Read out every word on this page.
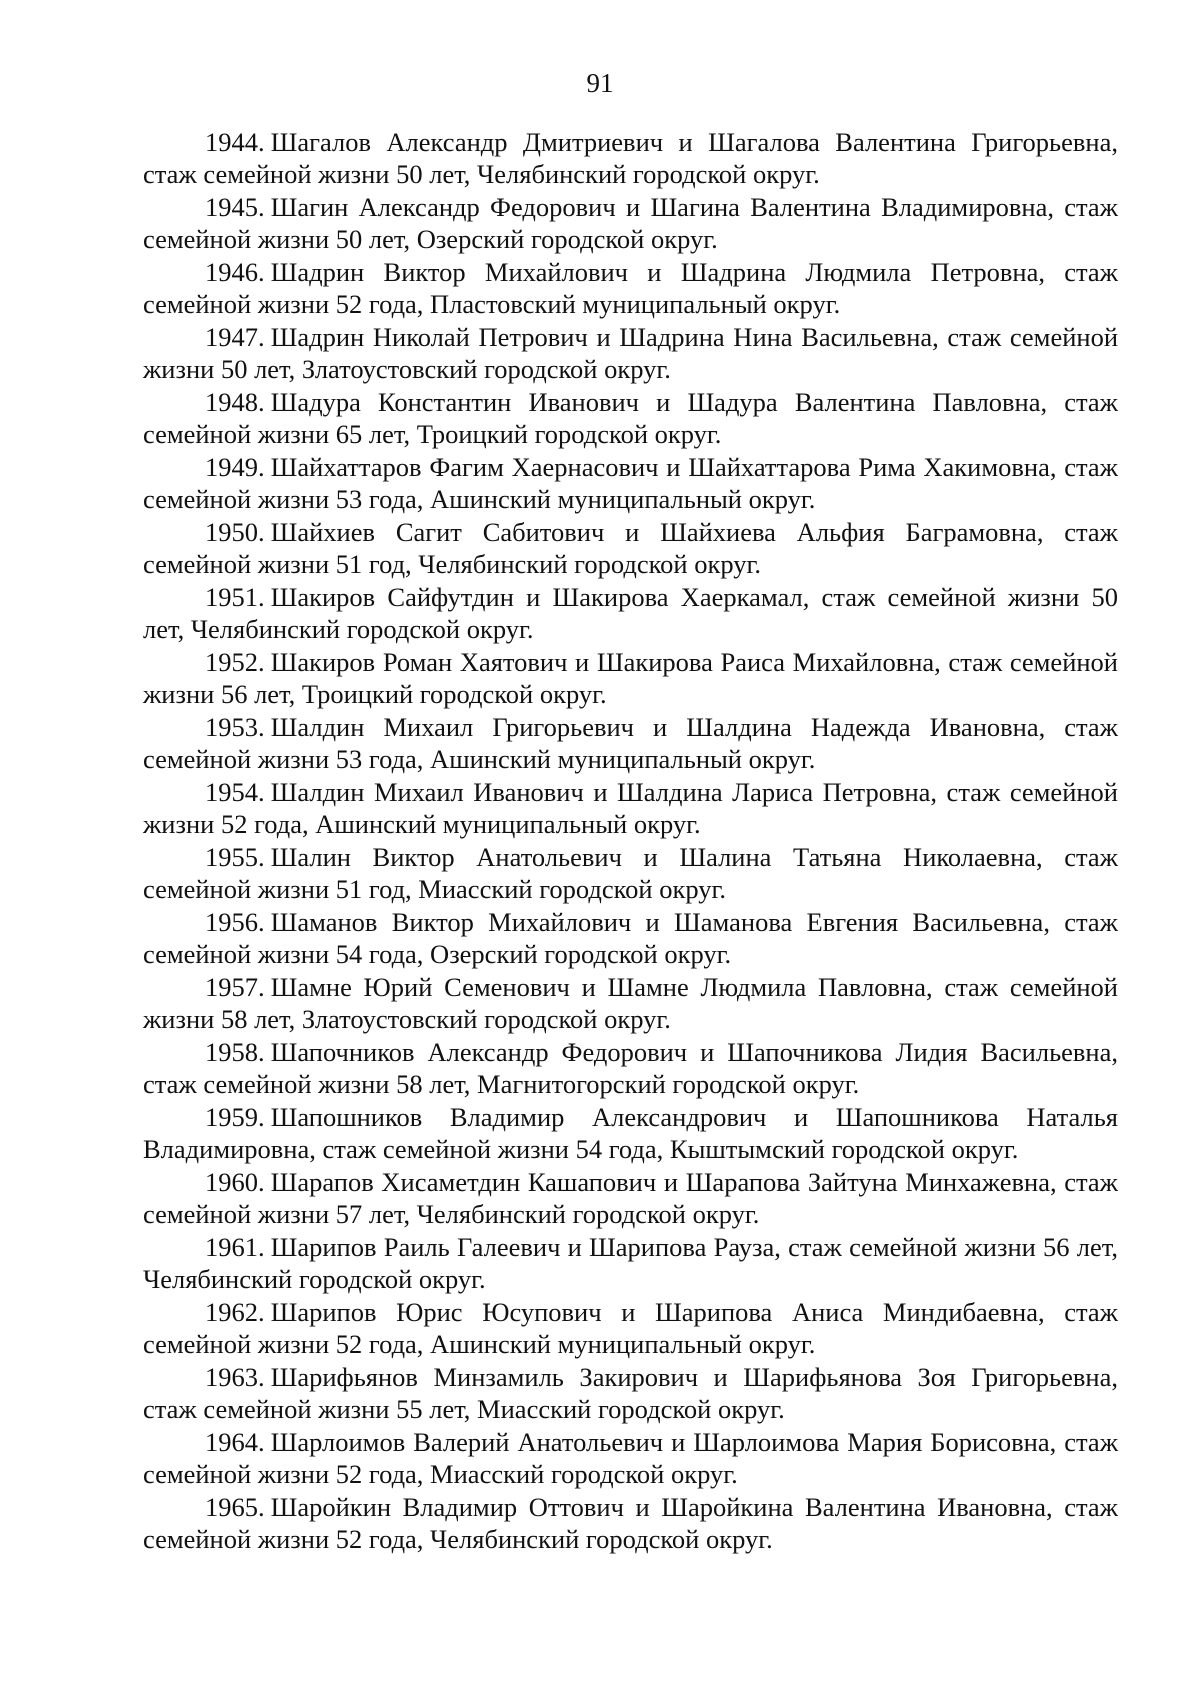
91

1944. Шагалов Александр Дмитриевич и Шагалова Валентина Григорьевна, стаж семейной жизни 50 лет, Челябинский городской округ.

1945. Шагин Александр Федорович и Шагина Валентина Владимировна, стаж семейной жизни 50 лет, Озерский городской округ.

1946. Шадрин Виктор Михайлович и Шадрина Людмила Петровна, стаж семейной жизни 52 года, Пластовский муниципальный округ.

1947. Шадрин Николай Петрович и Шадрина Нина Васильевна, стаж семейной жизни 50 лет, Златоустовский городской округ.

1948. Шадура Константин Иванович и Шадура Валентина Павловна, стаж семейной жизни 65 лет, Троицкий городской округ.

1949. Шайхаттаров Фагим Хаернасович и Шайхаттарова Рима Хакимовна, стаж семейной жизни 53 года, Ашинский муниципальный округ.

1950. Шайхиев Сагит Сабитович и Шайхиева Альфия Баграмовна, стаж семейной жизни 51 год, Челябинский городской округ.

1951. Шакиров Сайфутдин и Шакирова Хаеркамал, стаж семейной жизни 50 лет, Челябинский городской округ.

1952. Шакиров Роман Хаятович и Шакирова Раиса Михайловна, стаж семейной жизни 56 лет, Троицкий городской округ.

1953. Шалдин Михаил Григорьевич и Шалдина Надежда Ивановна, стаж семейной жизни 53 года, Ашинский муниципальный округ.

1954. Шалдин Михаил Иванович и Шалдина Лариса Петровна, стаж семейной жизни 52 года, Ашинский муниципальный округ.

1955. Шалин Виктор Анатольевич и Шалина Татьяна Николаевна, стаж семейной жизни 51 год, Миасский городской округ.

1956. Шаманов Виктор Михайлович и Шаманова Евгения Васильевна, стаж семейной жизни 54 года, Озерский городской округ.

1957. Шамне Юрий Семенович и Шамне Людмила Павловна, стаж семейной жизни 58 лет, Златоустовский городской округ.

1958. Шапочников Александр Федорович и Шапочникова Лидия Васильевна, стаж семейной жизни 58 лет, Магнитогорский городской округ.

1959. Шапошников Владимир Александрович и Шапошникова Наталья Владимировна, стаж семейной жизни 54 года, Кыштымский городской округ.

1960. Шарапов Хисаметдин Кашапович и Шарапова Зайтуна Минхажевна, стаж семейной жизни 57 лет, Челябинский городской округ.

1961. Шарипов Раиль Галеевич и Шарипова Рауза, стаж семейной жизни 56 лет, Челябинский городской округ.

1962. Шарипов Юрис Юсупович и Шарипова Аниса Миндибаевна, стаж семейной жизни 52 года, Ашинский муниципальный округ.

1963. Шарифьянов Минзамиль Закирович и Шарифьянова Зоя Григорьевна, стаж семейной жизни 55 лет, Миасский городской округ.

1964. Шарлоимов Валерий Анатольевич и Шарлоимова Мария Борисовна, стаж семейной жизни 52 года, Миасский городской округ.

1965. Шаройкин Владимир Оттович и Шаройкина Валентина Ивановна, стаж семейной жизни 52 года, Челябинский городской округ.
